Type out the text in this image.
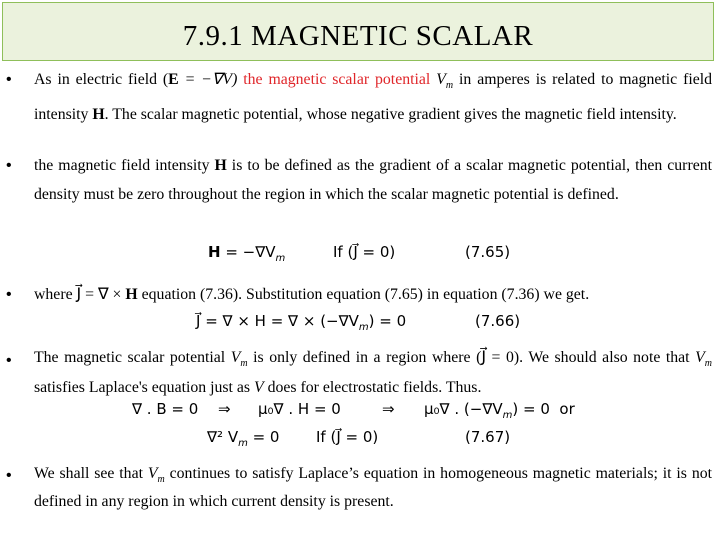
7.9.1 MAGNETIC SCALAR
• As in electric field (E = −∇V) the magnetic scalar potential $V_m$ in amperes is related to magnetic field intensity H. The scalar magnetic potential, whose negative gradient gives the magnetic field intensity.
• the magnetic field intensity H is to be defined as the gradient of a scalar magnetic potential, then current density must be zero throughout the region in which the scalar magnetic potential is defined.
$H = -\nabla V_m$	If (J⃗ = 0)	(7.65)
• where J⃗ = ∇ × H equation (7.36). Substitution equation (7.65) in equation (7.36) we get.
J⃗ = ∇ × H = ∇ × $(-\nabla V_m) = 0$	(7.66)
• The magnetic scalar potential $V_m$ is only defined in a region where (J⃗ = 0). We should also note that $V_m$ satisfies Laplace's equation just as V does for electrostatic fields. Thus.
∇ . B = 0 ⇒ μ₀∇ . H = 0	⇒ μ₀∇ . $(-\nabla V_m) = 0$ or
∇² $V_m = 0$ If (J⃗ = 0)	(7.67)
• We shall see that $V_m$ continues to satisfy Laplace’s equation in homogeneous magnetic materials; it is not defined in any region in which current density is present.
